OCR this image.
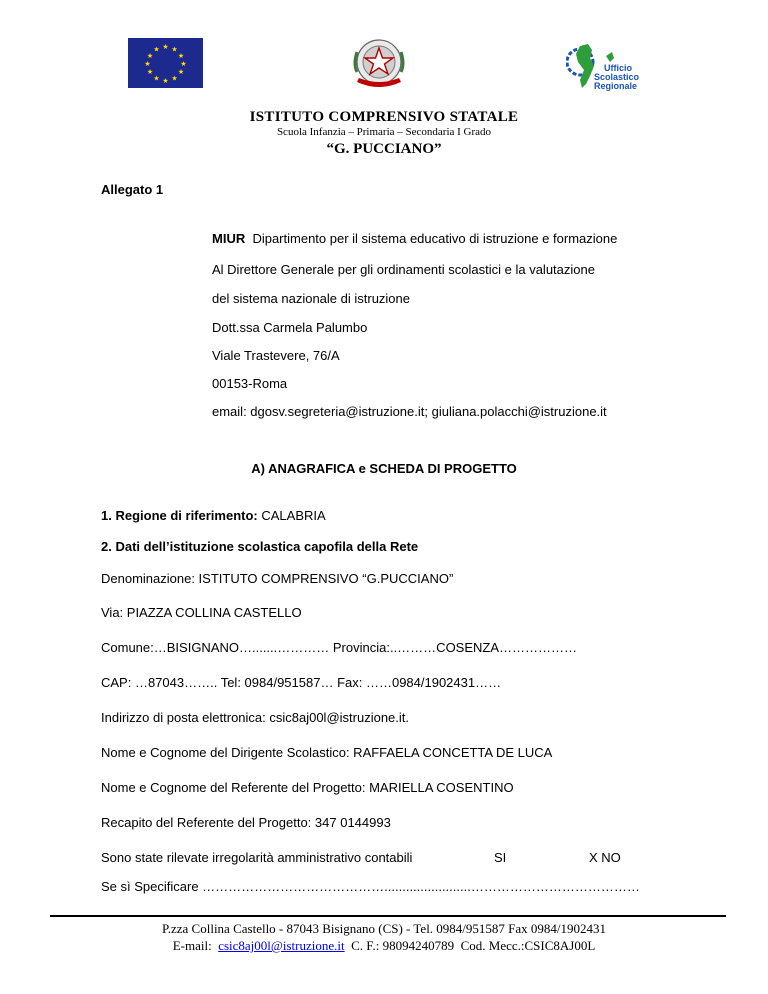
★ ★
★
★
★
★
★
★
★
★
★
★
Ufficio
Scolastico
Regionale
ISTITUTO COMPRENSIVO STATALE
Scuola Infanzia – Primaria – Secondaria I Grado
“G. PUCCIANO”
Allegato 1
MIUR  Dipartimento per il sistema educativo di istruzione e formazione
Al Direttore Generale per gli ordinamenti scolastici e la valutazione
del sistema nazionale di istruzione
Dott.ssa Carmela Palumbo
Viale Trastevere, 76/A
00153-Roma
email: dgosv.segreteria@istruzione.it; giuliana.polacchi@istruzione.it
A) ANAGRAFICA e SCHEDA DI PROGETTO
1. Regione di riferimento: CALABRIA
2. Dati dell’istituzione scolastica capofila della Rete
Denominazione: ISTITUTO COMPRENSIVO “G.PUCCIANO”
Via: PIAZZA COLLINA CASTELLO
Comune:…BISIGNANO….......………… Provincia:..………COSENZA………………
CAP: …87043…….. Tel: 0984/951587… Fax: ……0984/1902431……
Indirizzo di posta elettronica: csic8aj00l@istruzione.it.
Nome e Cognome del Dirigente Scolastico: RAFFAELA CONCETTA DE LUCA
Nome e Cognome del Referente del Progetto: MARIELLA COSENTINO
Recapito del Referente del Progetto: 347 0144993
Sono state rilevate irregolarità amministrativo contabili	SI	X NO
Se sì Specificare ……………………………………........................…………………………………
P.zza Collina Castello - 87043 Bisignano (CS) - Tel. 0984/951587 Fax 0984/1902431
E-mail:  csic8aj00l@istruzione.it  C. F.: 98094240789  Cod. Mecc.:CSIC8AJ00L
